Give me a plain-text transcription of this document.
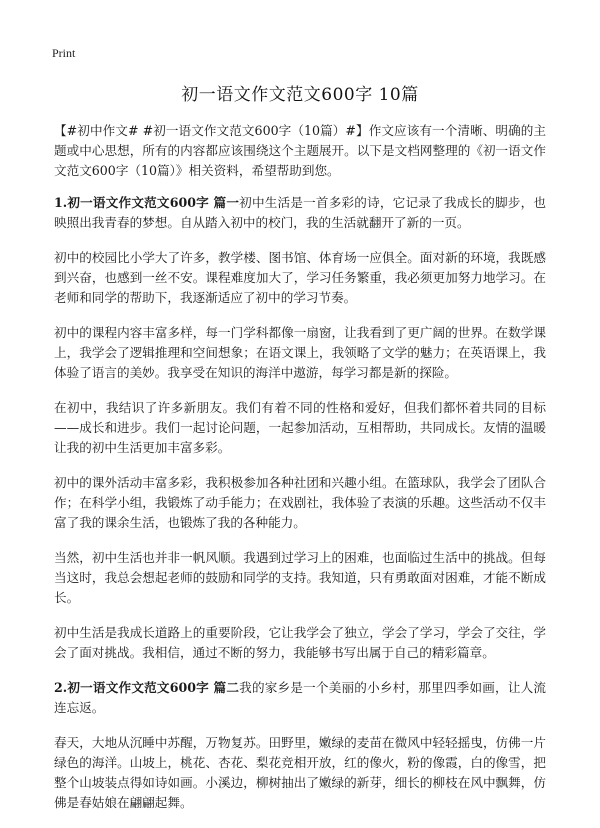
Print
初一语文作文范文600字 10篇

【#初中作文# #初一语文作文范文600字（10篇）#】作文应该有一个清晰、明确的主题或中心思想，所有的内容都应该围绕这个主题展开。以下是文档网整理的《初一语文作文范文600字（10篇）》相关资料，希望帮助到您。

1.初一语文作文范文600字 篇一初中生活是一首多彩的诗，它记录了我成长的脚步，也映照出我青春的梦想。自从踏入初中的校门，我的生活就翻开了新的一页。

初中的校园比小学大了许多，教学楼、图书馆、体育场一应俱全。面对新的环境，我既感到兴奋，也感到一丝不安。课程难度加大了，学习任务繁重，我必须更加努力地学习。在老师和同学的帮助下，我逐渐适应了初中的学习节奏。

初中的课程内容丰富多样，每一门学科都像一扇窗，让我看到了更广阔的世界。在数学课上，我学会了逻辑推理和空间想象；在语文课上，我领略了文学的魅力；在英语课上，我体验了语言的美妙。我享受在知识的海洋中遨游，每学习都是新的探险。

在初中，我结识了许多新朋友。我们有着不同的性格和爱好，但我们都怀着共同的目标——成长和进步。我们一起讨论问题，一起参加活动，互相帮助，共同成长。友情的温暖让我的初中生活更加丰富多彩。

初中的课外活动丰富多彩，我积极参加各种社团和兴趣小组。在篮球队，我学会了团队合作；在科学小组，我锻炼了动手能力；在戏剧社，我体验了表演的乐趣。这些活动不仅丰富了我的课余生活，也锻炼了我的各种能力。

当然，初中生活也并非一帆风顺。我遇到过学习上的困难，也面临过生活中的挑战。但每当这时，我总会想起老师的鼓励和同学的支持。我知道，只有勇敢面对困难，才能不断成长。

初中生活是我成长道路上的重要阶段，它让我学会了独立，学会了学习，学会了交往，学会了面对挑战。我相信，通过不断的努力，我能够书写出属于自己的精彩篇章。

2.初一语文作文范文600字 篇二我的家乡是一个美丽的小乡村，那里四季如画，让人流连忘返。

春天，大地从沉睡中苏醒，万物复苏。田野里，嫩绿的麦苗在微风中轻轻摇曳，仿佛一片绿色的海洋。山坡上，桃花、杏花、梨花竞相开放，红的像火，粉的像霞，白的像雪，把整个山坡装点得如诗如画。小溪边，柳树抽出了嫩绿的新芽，细长的柳枝在风中飘舞，仿佛是春姑娘在翩翩起舞。
